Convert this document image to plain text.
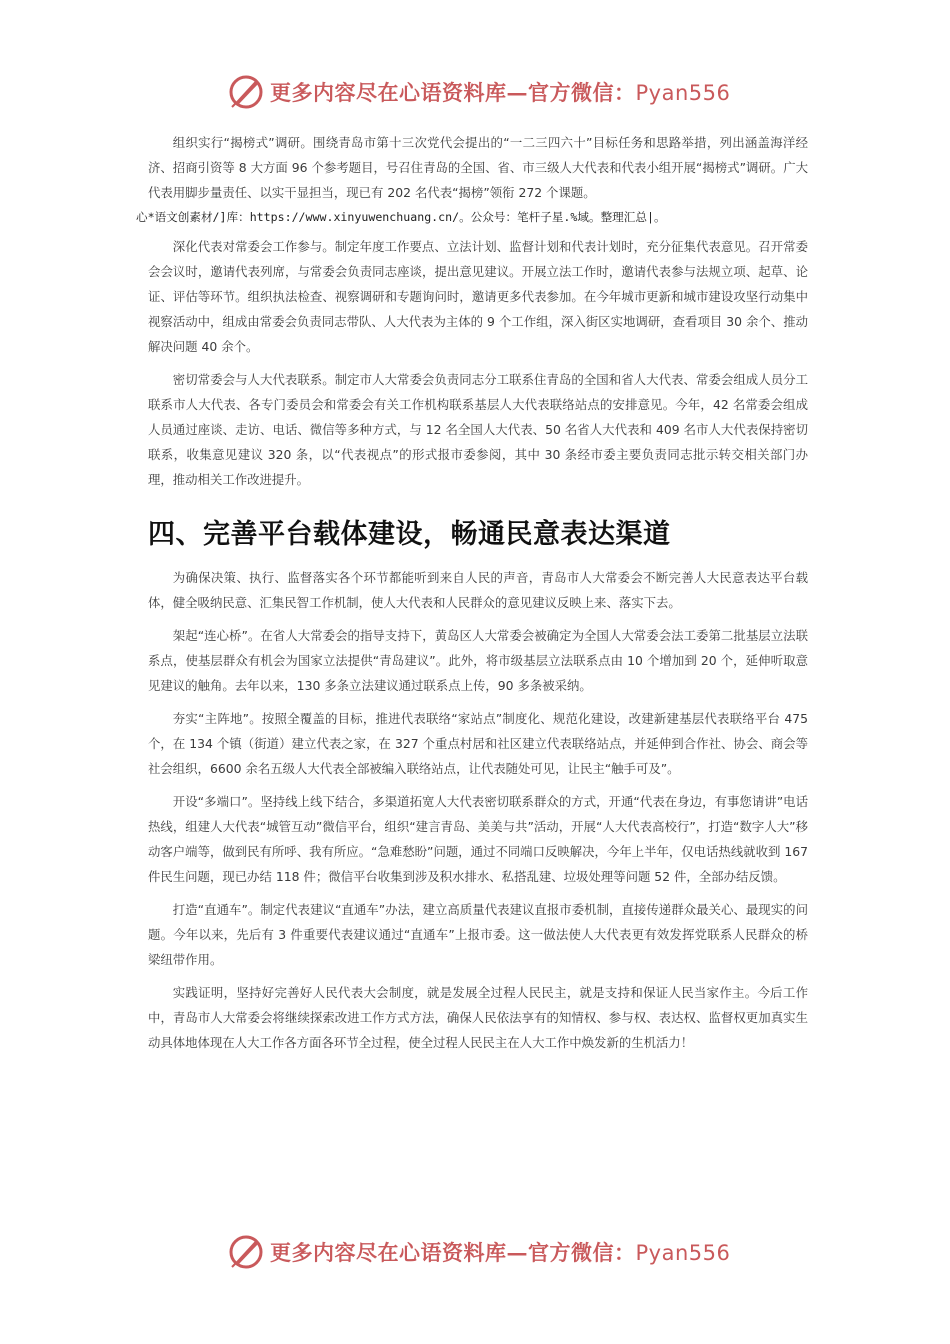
更多内容尽在心语资料库—官方微信：Pyan556

组织实行“揭榜式”调研。围绕青岛市第十三次党代会提出的“一二三四六十”目标任务和思路举措，列出涵盖海洋经济、招商引资等 8 大方面 96 个参考题目，号召住青岛的全国、省、市三级人大代表和代表小组开展“揭榜式”调研。广大代表用脚步量责任、以实干显担当，现已有 202 名代表“揭榜”领衔 272 个课题。

心*语文创素材/]库：https://www.xinyuwenchuang.cn/。公众号：笔杆子星.%域。整理汇总|。

深化代表对常委会工作参与。制定年度工作要点、立法计划、监督计划和代表计划时，充分征集代表意见。召开常委会会议时，邀请代表列席，与常委会负责同志座谈，提出意见建议。开展立法工作时，邀请代表参与法规立项、起草、论证、评估等环节。组织执法检查、视察调研和专题询问时，邀请更多代表参加。在今年城市更新和城市建设攻坚行动集中视察活动中，组成由常委会负责同志带队、人大代表为主体的 9 个工作组，深入街区实地调研，查看项目 30 余个、推动解决问题 40 余个。

密切常委会与人大代表联系。制定市人大常委会负责同志分工联系住青岛的全国和省人大代表、常委会组成人员分工联系市人大代表、各专门委员会和常委会有关工作机构联系基层人大代表联络站点的安排意见。今年，42 名常委会组成人员通过座谈、走访、电话、微信等多种方式，与 12 名全国人大代表、50 名省人大代表和 409 名市人大代表保持密切联系，收集意见建议 320 条，以“代表视点”的形式报市委参阅，其中 30 条经市委主要负责同志批示转交相关部门办理，推动相关工作改进提升。

四、完善平台载体建设，畅通民意表达渠道

为确保决策、执行、监督落实各个环节都能听到来自人民的声音，青岛市人大常委会不断完善人大民意表达平台载体，健全吸纳民意、汇集民智工作机制，使人大代表和人民群众的意见建议反映上来、落实下去。

架起“连心桥”。在省人大常委会的指导支持下，黄岛区人大常委会被确定为全国人大常委会法工委第二批基层立法联系点，使基层群众有机会为国家立法提供“青岛建议”。此外，将市级基层立法联系点由 10 个增加到 20 个，延伸听取意见建议的触角。去年以来，130 多条立法建议通过联系点上传，90 多条被采纳。

夯实“主阵地”。按照全覆盖的目标，推进代表联络“家站点”制度化、规范化建设，改建新建基层代表联络平台 475 个，在 134 个镇（街道）建立代表之家，在 327 个重点村居和社区建立代表联络站点，并延伸到合作社、协会、商会等社会组织，6600 余名五级人大代表全部被编入联络站点，让代表随处可见，让民主“触手可及”。

开设“多端口”。坚持线上线下结合，多渠道拓宽人大代表密切联系群众的方式，开通“代表在身边，有事您请讲”电话热线，组建人大代表“城管互动”微信平台，组织“建言青岛、美美与共”活动，开展“人大代表高校行”，打造“数字人大”移动客户端等，做到民有所呼、我有所应。“急难愁盼”问题，通过不同端口反映解决，今年上半年，仅电话热线就收到 167 件民生问题，现已办结 118 件；微信平台收集到涉及积水排水、私搭乱建、垃圾处理等问题 52 件，全部办结反馈。

打造“直通车”。制定代表建议“直通车”办法，建立高质量代表建议直报市委机制，直接传递群众最关心、最现实的问题。今年以来，先后有 3 件重要代表建议通过“直通车”上报市委。这一做法使人大代表更有效发挥党联系人民群众的桥梁纽带作用。

实践证明，坚持好完善好人民代表大会制度，就是发展全过程人民民主，就是支持和保证人民当家作主。今后工作中，青岛市人大常委会将继续探索改进工作方式方法，确保人民依法享有的知情权、参与权、表达权、监督权更加真实生动具体地体现在人大工作各方面各环节全过程，使全过程人民民主在人大工作中焕发新的生机活力！

更多内容尽在心语资料库—官方微信：Pyan556
